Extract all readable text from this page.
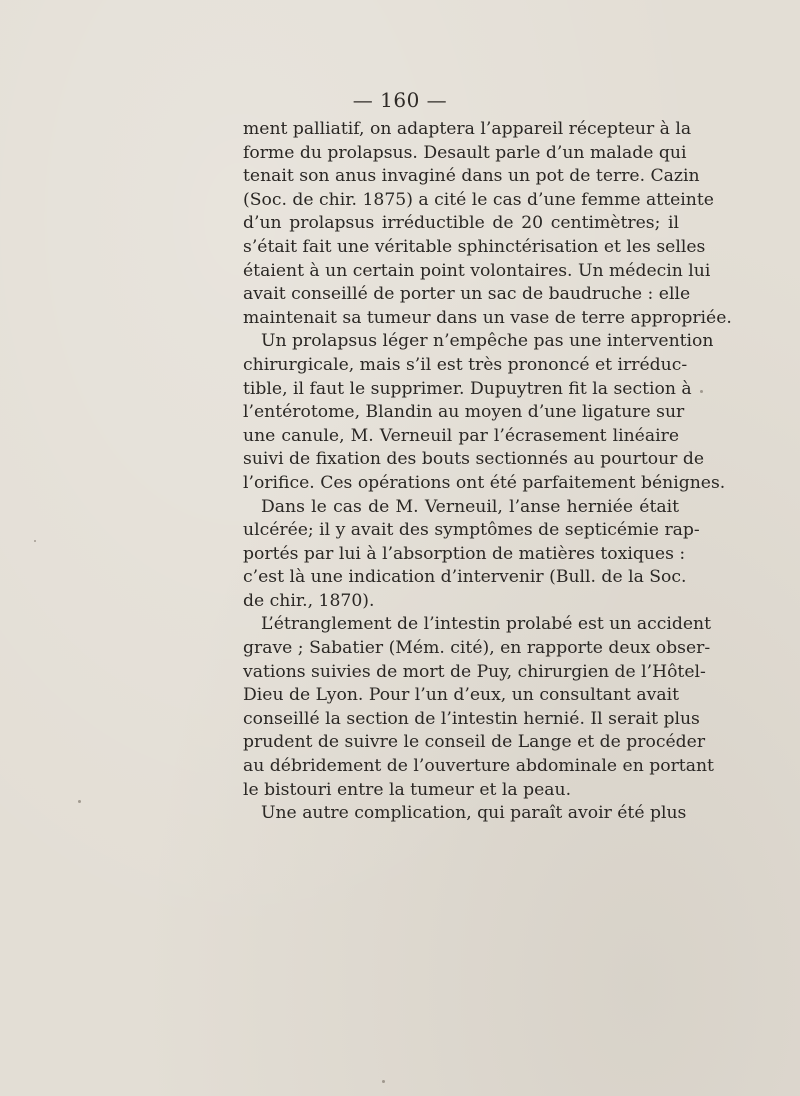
— 160 —
ment palliatif, on adaptera l’appareil récepteur à la
forme du prolapsus. Desault parle d’un malade qui
tenait son anus invaginé dans un pot de terre. Cazin
(Soc. de chir. 1875) a cité le cas d’une femme atteinte
d’un prolapsus irréductible de 20 centimètres; il
s’était fait une véritable sphinctérisation et les selles
étaient à un certain point volontaires. Un médecin lui
avait conseillé de porter un sac de baudruche : elle
maintenait sa tumeur dans un vase de terre appropriée.
Un prolapsus léger n’empêche pas une intervention
chirurgicale, mais s’il est très prononcé et irréduc-
tible, il faut le supprimer. Dupuytren fit la section à
l’entérotome, Blandin au moyen d’une ligature sur
une canule, M. Verneuil par l’écrasement linéaire
suivi de fixation des bouts sectionnés au pourtour de
l’orifice. Ces opérations ont été parfaitement bénignes.
Dans le cas de M. Verneuil, l’anse herniée était
ulcérée; il y avait des symptômes de septicémie rap-
portés par lui à l’absorption de matières toxiques :
c’est là une indication d’intervenir (Bull. de la Soc.
de chir., 1870).
L’étranglement de l’intestin prolabé est un accident
grave ; Sabatier (Mém. cité), en rapporte deux obser-
vations suivies de mort de Puy, chirurgien de l’Hôtel-
Dieu de Lyon. Pour l’un d’eux, un consultant avait
conseillé la section de l’intestin hernié. Il serait plus
prudent de suivre le conseil de Lange et de procéder
au débridement de l’ouverture abdominale en portant
le bistouri entre la tumeur et la peau.
Une autre complication, qui paraît avoir été plus
